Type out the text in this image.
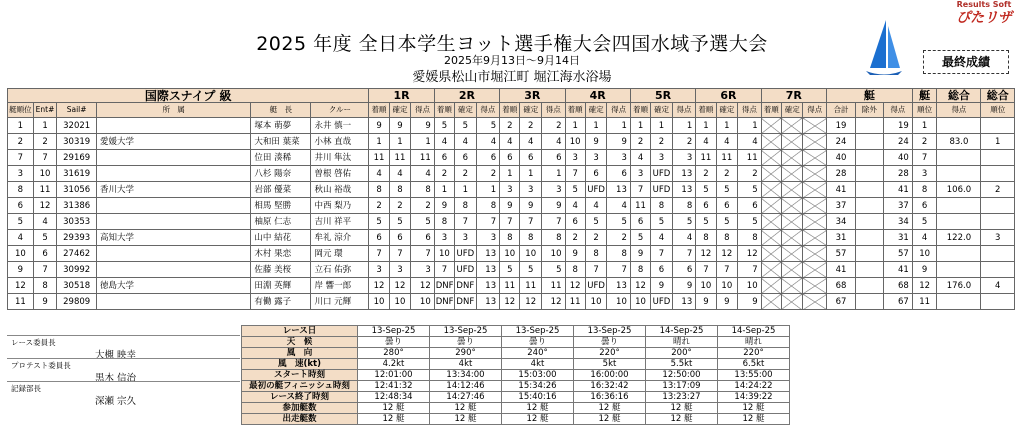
Results Soft
ぴたリザ
2025 年度 全日本学生ヨット選手権大会四国水域予選大会
2025年9月13日～9月14日
愛媛県松山市堀江町 堀江海水浴場
最終成績
国際スナイプ 級						1R			2R			3R			4R			5R			6R			7R			艇			艇	総合	総合
艇順位	Ent#	Sail#	所　属	艇　長	クルー	着順	確定	得点	着順	確定	得点	着順	確定	得点	着順	確定	得点	着順	確定	得点	着順	確定	得点	着順	確定	得点	合計	除外	得点	順位	得点	順位
1	1	32021		塚本 萌夢	永井 慎一	9	9	9	5	5	5	2	2	2	1	1	1	1	1	1	1	1	1				19		19	1		
2	2	30319	愛媛大学	大和田 葉菜	小林 直哉	1	1	1	4	4	4	4	4	4	10	9	9	2	2	2	4	4	4				24		24	2	83.0	1
7	7	29169		位田 湊稀	井川 隼汰	11	11	11	6	6	6	6	6	6	3	3	3	4	3	3	11	11	11				40		40	7		
3	10	31619		八杉 陽奈	曽根 啓佑	4	4	4	2	2	2	1	1	1	7	6	6	3	UFD	13	2	2	2				28		28	3		
8	11	31056	香川大学	岩部 優菜	秋山 裕哉	8	8	8	1	1	1	3	3	3	5	UFD	13	7	UFD	13	5	5	5				41		41	8	106.0	2
6	12	31386		相馬 堅勝	中西 梨乃	2	2	2	9	8	8	9	9	9	4	4	4	11	8	8	6	6	6				37		37	6		
5	4	30353		柚原 仁志	吉川 祥平	5	5	5	8	7	7	7	7	7	6	5	5	6	5	5	5	5	5				34		34	5		
4	5	29393	高知大学	山中 結花	牟礼 涼介	6	6	6	3	3	3	8	8	8	2	2	2	5	4	4	8	8	8				31		31	4	122.0	3
10	6	27462		木村 果恋	岡元 環	7	7	7	10	UFD	13	10	10	10	9	8	8	9	7	7	12	12	12				57		57	10		
9	7	30992		佐藤 美桜	立石 佑弥	3	3	3	7	UFD	13	5	5	5	8	7	7	8	6	6	7	7	7				41		41	9		
12	8	30518	徳島大学	田淵 英輝	岸 響一郎	12	12	12	DNF	DNF	13	11	11	11	12	UFD	13	12	9	9	10	10	10				68		68	12	176.0	4
11	9	29809		有働 露子	川口 元輝	10	10	10	DNF	DNF	13	12	12	12	11	10	10	10	UFD	13	9	9	9				67		67	11		
レース日	13-Sep-25	13-Sep-25	13-Sep-25	13-Sep-25	14-Sep-25	14-Sep-25
天　候	曇り	曇り	曇り	曇り	晴れ	晴れ
風　向	280°	290°	240°	220°	200°	220°
風　速(kt)	4.2kt	4kt	4kt	5kt	5.5kt	6.5kt
スタート時刻	12:01:00	13:34:00	15:03:00	16:00:00	12:50:00	13:55:00
最初の艇フィニッシュ時刻	12:41:32	14:12:46	15:34:26	16:32:42	13:17:09	14:24:22
レース終了時刻	12:48:34	14:27:46	15:40:16	16:36:16	13:23:27	14:39:22
参加艇数	12 艇	12 艇	12 艇	12 艇	12 艇	12 艇
出走艇数	12 艇	12 艇	12 艇	12 艇	12 艇	12 艇
レース委員長
大槻 映幸
プロテスト委員長
黒木 信治
記録部長
深瀬 宗久
